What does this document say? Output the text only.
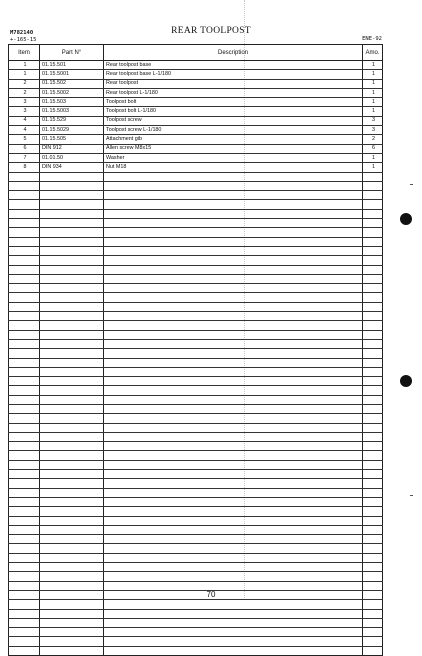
M782140
+-165-15
REAR TOOLPOST
ENE-92
Item	Part N°	Description	Amo.
1	01.15.501	Rear toolpost base	1
1	01.15.5001	Rear toolpost base L-1/180	1
2	01.15.502	Rear toolpost	1
2	01.15.5002	Rear toolpost L-1/180	1
3	01.15.503	Toolpost bolt	1
3	01.15.5003	Toolpost bolt L-1/180	1
4	01.15.529	Toolpost screw	3
4	01.15.5029	Toolpost screw L-1/180	3
5	01.15.505	Attachment gib	2
6	DIN 912	Allen screw M8x15	6
7	01.01.50	Washer	1
8	DIN 934	Nut M18	1

70
